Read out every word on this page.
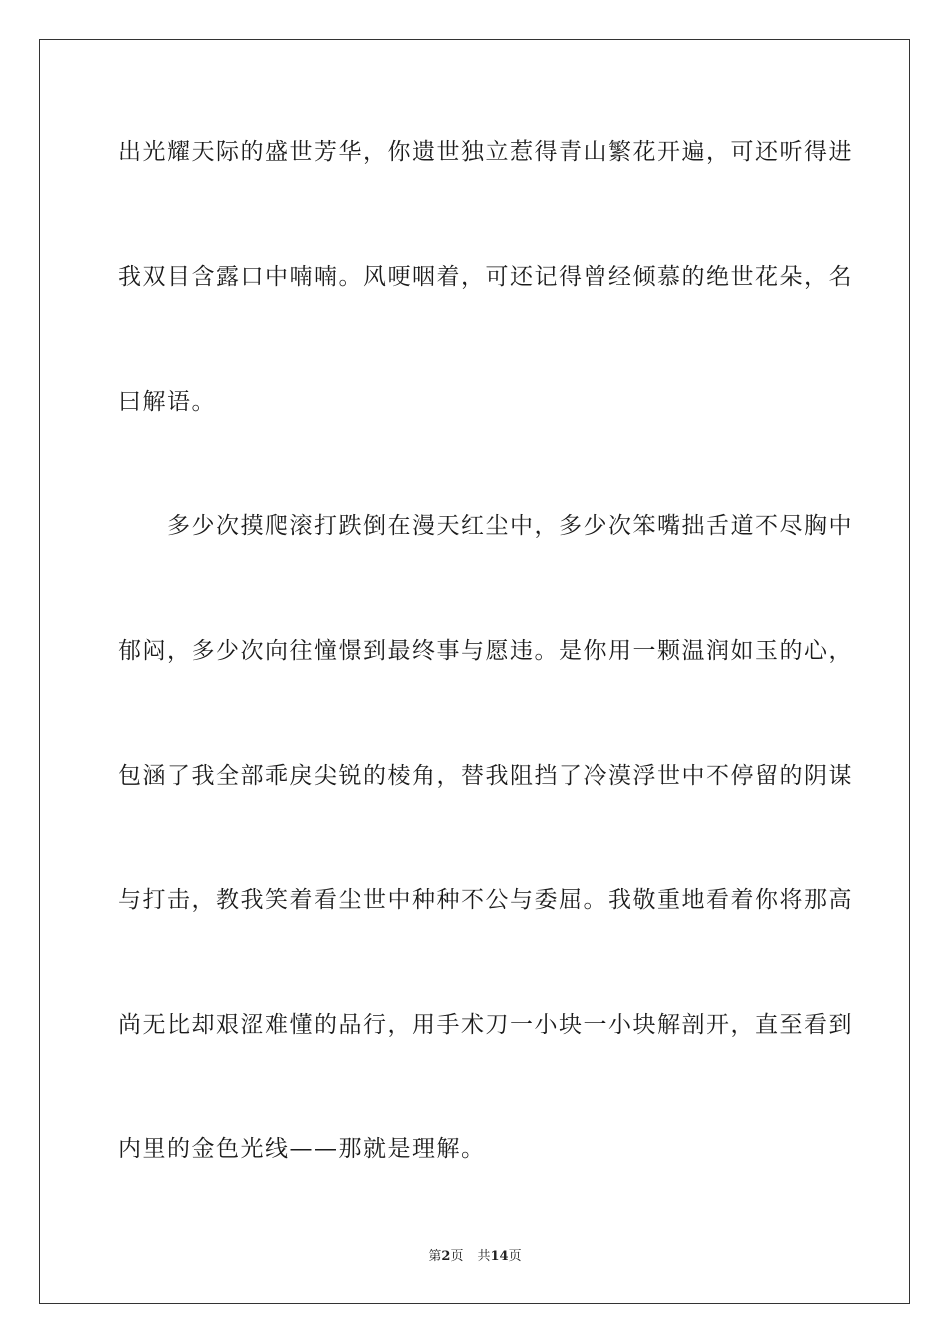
出光耀天际的盛世芳华，你遗世独立惹得青山繁花开遍，可还听得进
我双目含露口中喃喃。风哽咽着，可还记得曾经倾慕的绝世花朵，名
曰解语。
　　多少次摸爬滚打跌倒在漫天红尘中，多少次笨嘴拙舌道不尽胸中
郁闷，多少次向往憧憬到最终事与愿违。是你用一颗温润如玉的心，
包涵了我全部乖戾尖锐的棱角，替我阻挡了冷漠浮世中不停留的阴谋
与打击，教我笑着看尘世中种种不公与委屈。我敬重地看着你将那高
尚无比却艰涩难懂的品行，用手术刀一小块一小块解剖开，直至看到
内里的金色光线——那就是理解。
第2页 共14页
